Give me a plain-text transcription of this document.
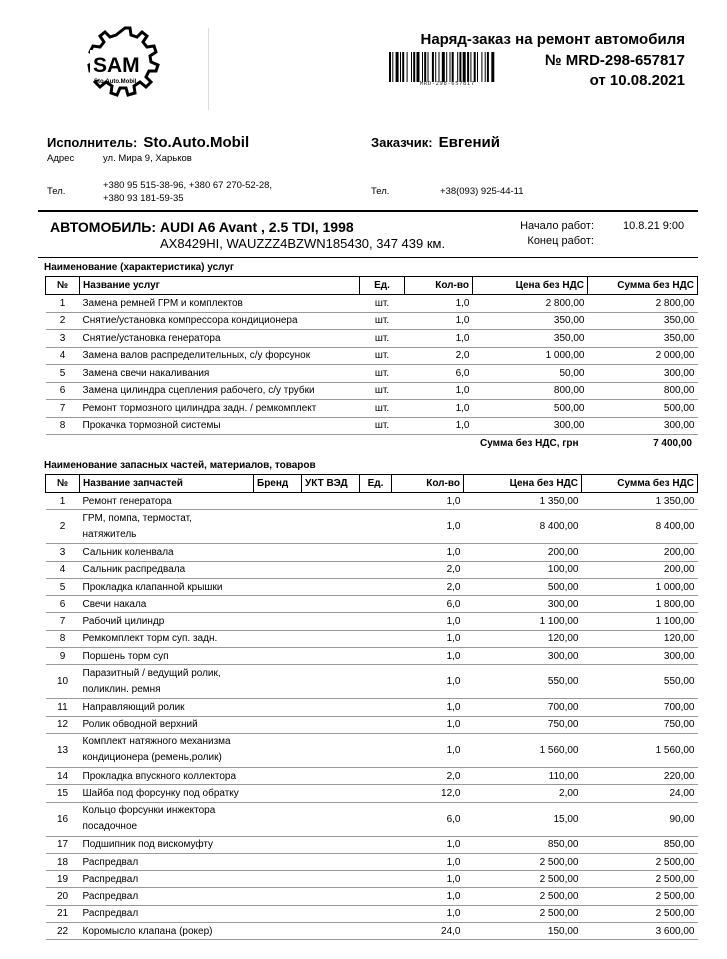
SAM
Sto.Auto.Mobil
Наряд-заказ на ремонт автомобиля
MRD-298-657817
№ MRD-298-657817
от 10.08.2021
Исполнитель: Sto.Auto.Mobil
Адрес	ул. Мира 9, Харьков
Тел.
+380 95 515-38-96, +380 67 270-52-28,
+380 93 181-59-35
Заказчик: Евгений
Тел.	+38(093) 925-44-11
АВТОМОБИЛЬ: AUDI A6 Avant , 2.5 TDI, 1998
AX8429HI, WAUZZZ4BZWN185430, 347 439 км.
Начало работ:	10.8.21 9:00
Конец работ:
Наименование (характеристика) услуг
№	Название услуг	Ед.	Кол-во	Цена без НДС	Сумма без НДС
1	Замена ремней ГРМ и комплектов	шт.	1,0	2 800,00	2 800,00
2	Снятие/установка компрессора кондиционера	шт.	1,0	350,00	350,00
3	Снятие/установка генератора	шт.	1,0	350,00	350,00
4	Замена валов распределительных, с/у форсунок	шт.	2,0	1 000,00	2 000,00
5	Замена свечи накаливания	шт.	6,0	50,00	300,00
6	Замена цилиндра сцепления рабочего, с/у трубки	шт.	1,0	800,00	800,00
7	Ремонт тормозного цилиндра задн. / ремкомплект	шт.	1,0	500,00	500,00
8	Прокачка тормозной системы	шт.	1,0	300,00	300,00
Сумма без НДС, грн	7 400,00
Наименование запасных частей, материалов, товаров
№	Название запчастей	Бренд	УКТ ВЭД	Ед.	Кол-во	Цена без НДС	Сумма без НДС
1	Ремонт генератора				1,0	1 350,00	1 350,00
2	ГРМ, помпа, термостат,
натяжитель				1,0	8 400,00	8 400,00
3	Сальник коленвала				1,0	200,00	200,00
4	Сальник распредвала				2,0	100,00	200,00
5	Прокладка клапанной крышки				2,0	500,00	1 000,00
6	Свечи накала				6,0	300,00	1 800,00
7	Рабочий цилиндр				1,0	1 100,00	1 100,00
8	Ремкомплект торм суп. задн.				1,0	120,00	120,00
9	Поршень торм суп				1,0	300,00	300,00
10	Паразитный / ведущий ролик,
поликлин. ремня				1,0	550,00	550,00
11	Направляющий ролик				1,0	700,00	700,00
12	Ролик обводной верхний				1,0	750,00	750,00
13	Комплект натяжного механизма
кондиционера (ремень,ролик)				1,0	1 560,00	1 560,00
14	Прокладка впускного коллектора				2,0	110,00	220,00
15	Шайба под форсунку под обратку				12,0	2,00	24,00
16	Кольцо форсунки инжектора
посадочное				6,0	15,00	90,00
17	Подшипник под вискомуфту				1,0	850,00	850,00
18	Распредвал				1,0	2 500,00	2 500,00
19	Распредвал				1,0	2 500,00	2 500,00
20	Распредвал				1,0	2 500,00	2 500,00
21	Распредвал				1,0	2 500,00	2 500,00
22	Коромысло клапана (рокер)				24,0	150,00	3 600,00
